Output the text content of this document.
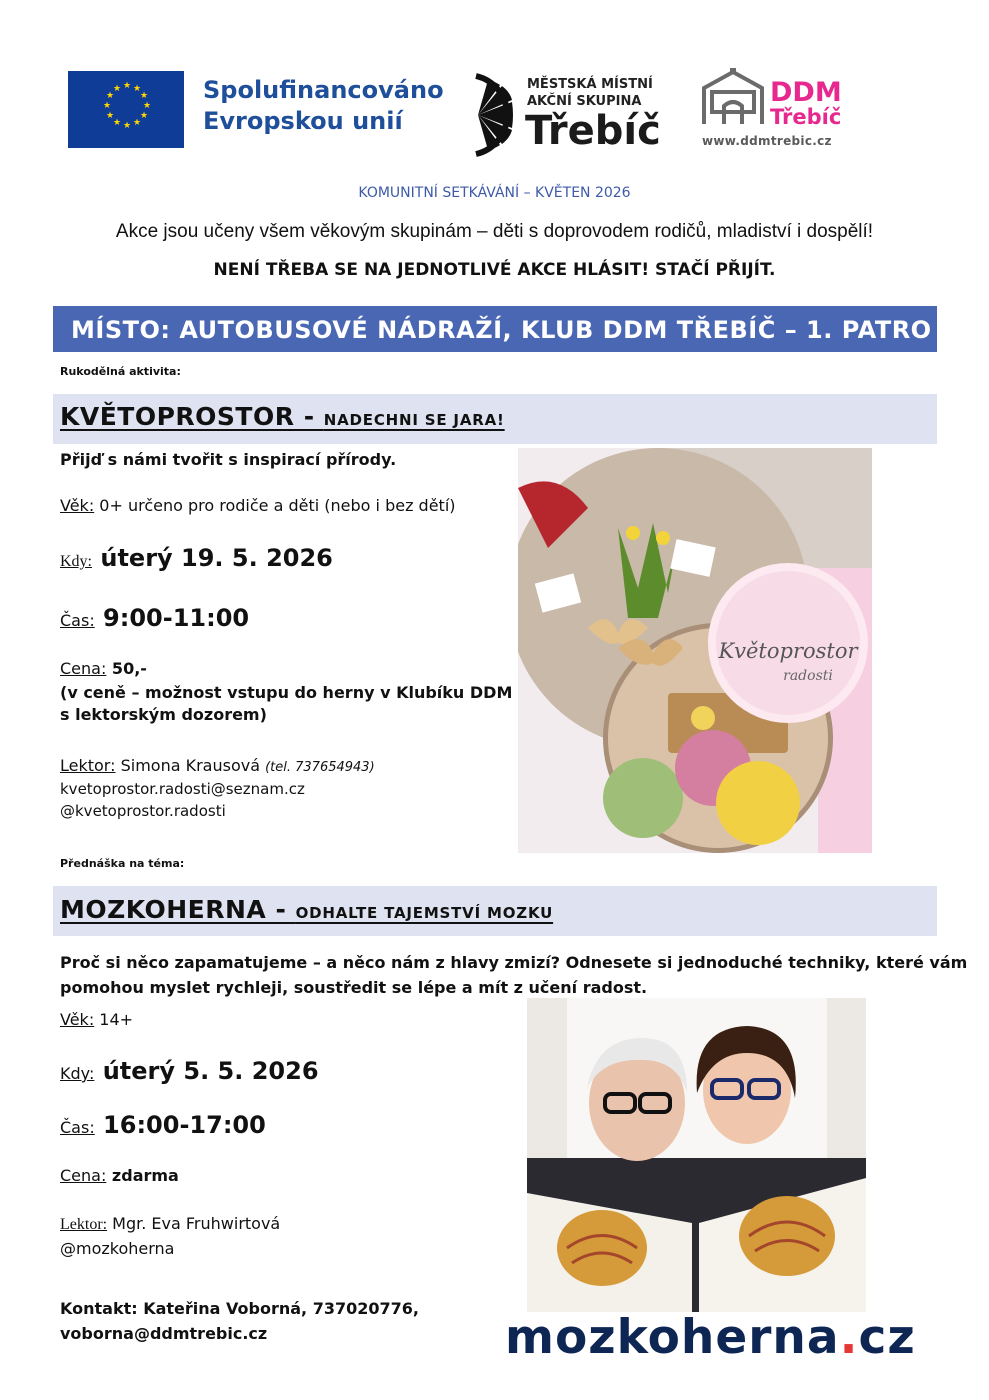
★ ★
★
★
★
★
★
★
★
★
★
★	Spolufinancováno
Evropskou unií
MĚSTSKÁ MÍSTNÍ
AKČNÍ SKUPINA
Třebíč
DDM
Třebíč
www.ddmtrebic.cz
KOMUNITNÍ SETKÁVÁNÍ – KVĚTEN 2026
Akce jsou učeny všem věkovým skupinám – děti s doprovodem rodičů, mladiství i dospělí!
NENÍ TŘEBA SE NA JEDNOTLIVÉ AKCE HLÁSIT! STAČÍ PŘIJÍT.
MÍSTO: AUTOBUSOVÉ NÁDRAŽÍ, KLUB DDM TŘEBÍČ – 1. PATRO
Rukodělná aktivita:
KVĚTOPROSTOR - NADECHNI SE JARA!
Přijď s námi tvořit s inspirací přírody.
Věk: 0+ určeno pro rodiče a děti (nebo i bez dětí)
Kdy: úterý 19. 5. 2026
Čas: 9:00-11:00
Cena: 50,-
(v ceně – možnost vstupu do herny v Klubíku DDM
s lektorským dozorem)
Lektor: Simona Krausová (tel. 737654943)
kvetoprostor.radosti@seznam.cz
@kvetoprostor.radosti
Květoprostor
radosti
Přednáška na téma:
MOZKOHERNA - ODHALTE TAJEMSTVÍ MOZKU
Proč si něco zapamatujeme – a něco nám z hlavy zmizí? Odnesete si jednoduché techniky, které vám
pomohou myslet rychleji, soustředit se lépe a mít z učení radost.
Věk: 14+
Kdy: úterý 5. 5. 2026
Čas: 16:00-17:00
Cena: zdarma
Lektor: Mgr. Eva Fruhwirtová
@mozkoherna
Kontakt: Kateřina Voborná, 737020776,
voborna@ddmtrebic.cz	mozkoherna.cz
